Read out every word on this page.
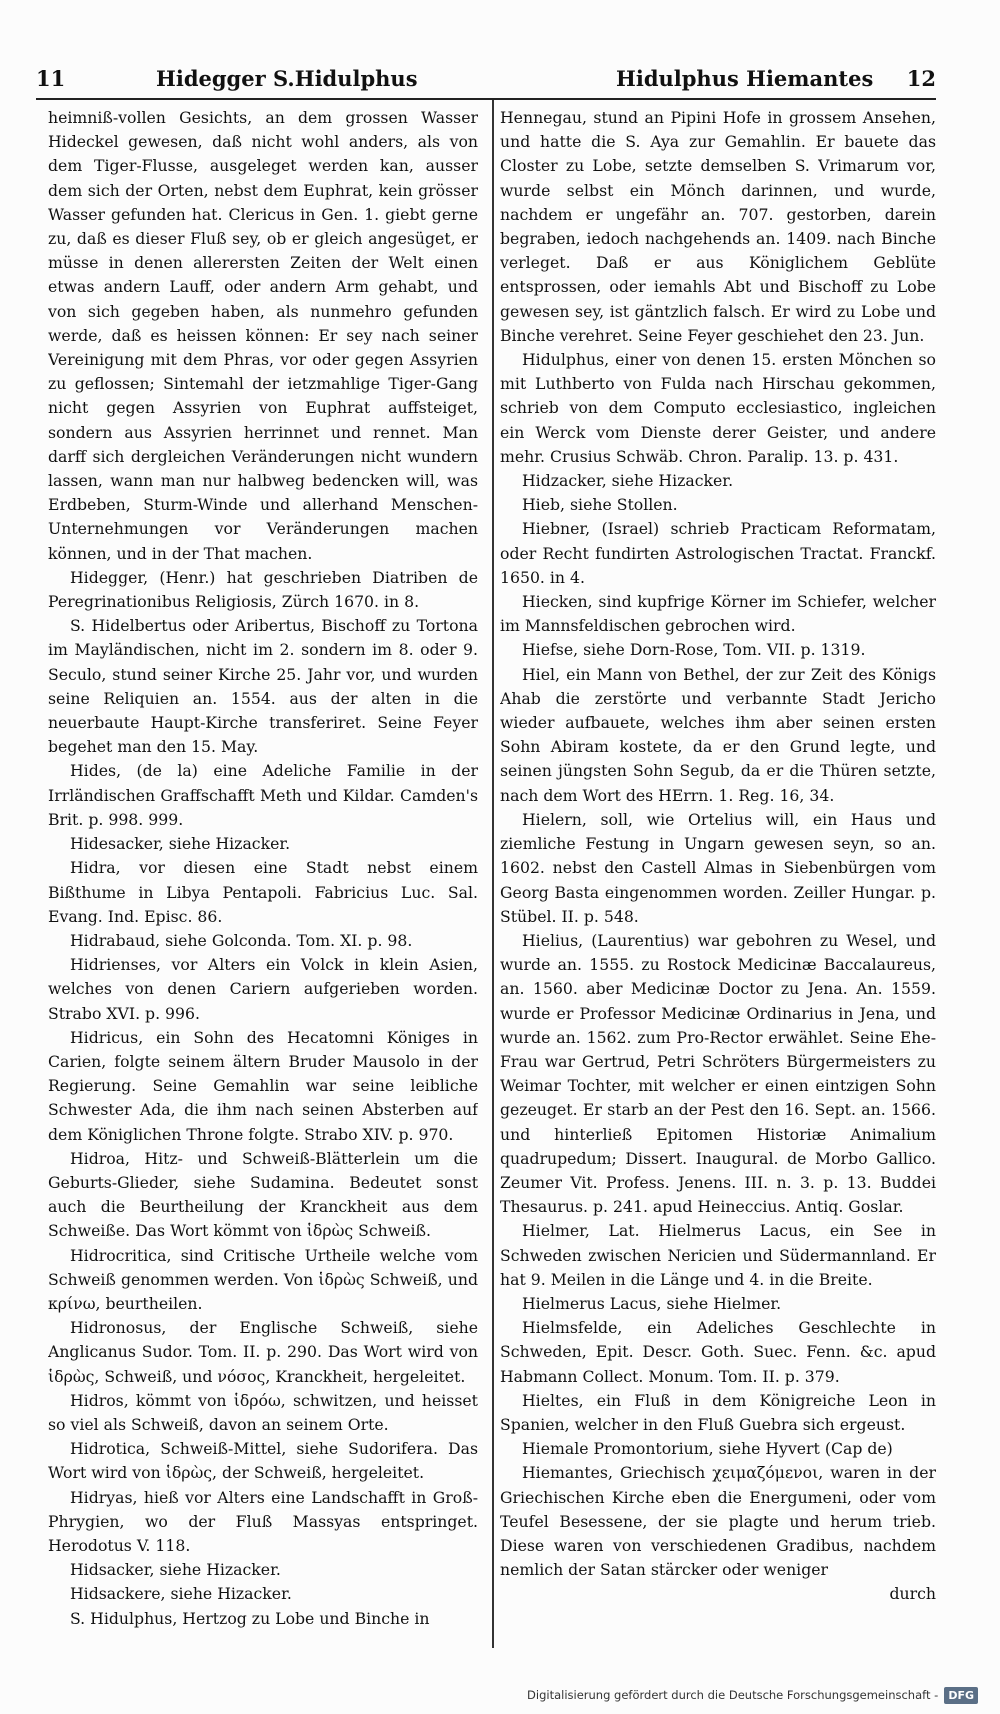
11	Hidegger S.Hidulphus	Hidulphus Hiemantes 12

heimniß-vollen Gesichts, an dem grossen Wasser Hideckel gewesen, daß nicht wohl anders, als von dem Tiger-Flusse, ausgeleget werden kan, ausser dem sich der Orten, nebst dem Euphrat, kein grösser Wasser gefunden hat. Clericus in Gen. 1. giebt gerne zu, daß es dieser Fluß sey, ob er gleich angesüget, er müsse in denen allerersten Zeiten der Welt einen etwas andern Lauff, oder andern Arm gehabt, und von sich gegeben haben, als nunmehro gefunden werde, daß es heissen können: Er sey nach seiner Vereinigung mit dem Phras, vor oder gegen Assyrien zu geflossen; Sintemahl der ietzmahlige Tiger-Gang nicht gegen Assyrien von Euphrat auffsteiget, sondern aus Assyrien herrinnet und rennet. Man darff sich dergleichen Veränderungen nicht wundern lassen, wann man nur halbweg bedencken will, was Erdbeben, Sturm-Winde und allerhand Menschen-Unternehmungen vor Veränderungen machen können, und in der That machen.

Hidegger, (Henr.) hat geschrieben Diatriben de Peregrinationibus Religiosis, Zürch 1670. in 8.

S. Hidelbertus oder Aribertus, Bischoff zu Tortona im Mayländischen, nicht im 2. sondern im 8. oder 9. Seculo, stund seiner Kirche 25. Jahr vor, und wurden seine Reliquien an. 1554. aus der alten in die neuerbaute Haupt-Kirche transferiret. Seine Feyer begehet man den 15. May.

Hides, (de la) eine Adeliche Familie in der Irrländischen Graffschafft Meth und Kildar. Camden's Brit. p. 998. 999.

Hidesacker, siehe Hizacker.

Hidra, vor diesen eine Stadt nebst einem Bißthume in Libya Pentapoli. Fabricius Luc. Sal. Evang. Ind. Episc. 86.

Hidrabaud, siehe Golconda. Tom. XI. p. 98.

Hidrienses, vor Alters ein Volck in klein Asien, welches von denen Cariern aufgerieben worden. Strabo XVI. p. 996.

Hidricus, ein Sohn des Hecatomni Königes in Carien, folgte seinem ältern Bruder Mausolo in der Regierung. Seine Gemahlin war seine leibliche Schwester Ada, die ihm nach seinen Absterben auf dem Königlichen Throne folgte. Strabo XIV. p. 970.

Hidroa, Hitz- und Schweiß-Blätterlein um die Geburts-Glieder, siehe Sudamina. Bedeutet sonst auch die Beurtheilung der Kranckheit aus dem Schweiße. Das Wort kömmt von ἱδρὼς Schweiß.

Hidrocritica, sind Critische Urtheile welche vom Schweiß genommen werden. Von ἱδρὼς Schweiß, und κρίνω, beurtheilen.

Hidronosus, der Englische Schweiß, siehe Anglicanus Sudor. Tom. II. p. 290. Das Wort wird von ἱδρὼς, Schweiß, und νόσος, Kranckheit, hergeleitet.

Hidros, kömmt von ἱδρόω, schwitzen, und heisset so viel als Schweiß, davon an seinem Orte.

Hidrotica, Schweiß-Mittel, siehe Sudorifera. Das Wort wird von ἱδρὼς, der Schweiß, hergeleitet.

Hidryas, hieß vor Alters eine Landschafft in Groß-Phrygien, wo der Fluß Massyas entspringet. Herodotus V. 118.

Hidsacker, siehe Hizacker.

Hidsackere, siehe Hizacker.

S. Hidulphus, Hertzog zu Lobe und Binche in

Hennegau, stund an Pipini Hofe in grossem Ansehen, und hatte die S. Aya zur Gemahlin. Er bauete das Closter zu Lobe, setzte demselben S. Vrimarum vor, wurde selbst ein Mönch darinnen, und wurde, nachdem er ungefähr an. 707. gestorben, darein begraben, iedoch nachgehends an. 1409. nach Binche verleget. Daß er aus Königlichem Geblüte entsprossen, oder iemahls Abt und Bischoff zu Lobe gewesen sey, ist gäntzlich falsch. Er wird zu Lobe und Binche verehret. Seine Feyer geschiehet den 23. Jun.

Hidulphus, einer von denen 15. ersten Mönchen so mit Luthberto von Fulda nach Hirschau gekommen, schrieb von dem Computo ecclesiastico, ingleichen ein Werck vom Dienste derer Geister, und andere mehr. Crusius Schwäb. Chron. Paralip. 13. p. 431.

Hidzacker, siehe Hizacker.

Hieb, siehe Stollen.

Hiebner, (Israel) schrieb Practicam Reformatam, oder Recht fundirten Astrologischen Tractat. Franckf. 1650. in 4.

Hiecken, sind kupfrige Körner im Schiefer, welcher im Mannsfeldischen gebrochen wird.

Hiefse, siehe Dorn-Rose, Tom. VII. p. 1319.

Hiel, ein Mann von Bethel, der zur Zeit des Königs Ahab die zerstörte und verbannte Stadt Jericho wieder aufbauete, welches ihm aber seinen ersten Sohn Abiram kostete, da er den Grund legte, und seinen jüngsten Sohn Segub, da er die Thüren setzte, nach dem Wort des HErrn. 1. Reg. 16, 34.

Hielern, soll, wie Ortelius will, ein Haus und ziemliche Festung in Ungarn gewesen seyn, so an. 1602. nebst den Castell Almas in Siebenbürgen vom Georg Basta eingenommen worden. Zeiller Hungar. p. Stübel. II. p. 548.

Hielius, (Laurentius) war gebohren zu Wesel, und wurde an. 1555. zu Rostock Medicinæ Baccalaureus, an. 1560. aber Medicinæ Doctor zu Jena. An. 1559. wurde er Professor Medicinæ Ordinarius in Jena, und wurde an. 1562. zum Pro-Rector erwählet. Seine Ehe-Frau war Gertrud, Petri Schröters Bürgermeisters zu Weimar Tochter, mit welcher er einen eintzigen Sohn gezeuget. Er starb an der Pest den 16. Sept. an. 1566. und hinterließ Epitomen Historiæ Animalium quadrupedum; Dissert. Inaugural. de Morbo Gallico. Zeumer Vit. Profess. Jenens. III. n. 3. p. 13. Buddei Thesaurus. p. 241. apud Heineccius. Antiq. Goslar.

Hielmer, Lat. Hielmerus Lacus, ein See in Schweden zwischen Nericien und Südermannland. Er hat 9. Meilen in die Länge und 4. in die Breite.

Hielmerus Lacus, siehe Hielmer.

Hielmsfelde, ein Adeliches Geschlechte in Schweden, Epit. Descr. Goth. Suec. Fenn. &c. apud Habmann Collect. Monum. Tom. II. p. 379.

Hieltes, ein Fluß in dem Königreiche Leon in Spanien, welcher in den Fluß Guebra sich ergeust.

Hiemale Promontorium, siehe Hyvert (Cap de)

Hiemantes, Griechisch χειμαζόμενοι, waren in der Griechischen Kirche eben die Energumeni, oder vom Teufel Besessene, der sie plagte und herum trieb. Diese waren von verschiedenen Gradibus, nachdem nemlich der Satan stärcker oder weniger

durch

Digitalisierung gefördert durch die Deutsche Forschungsgemeinschaft - DFG
